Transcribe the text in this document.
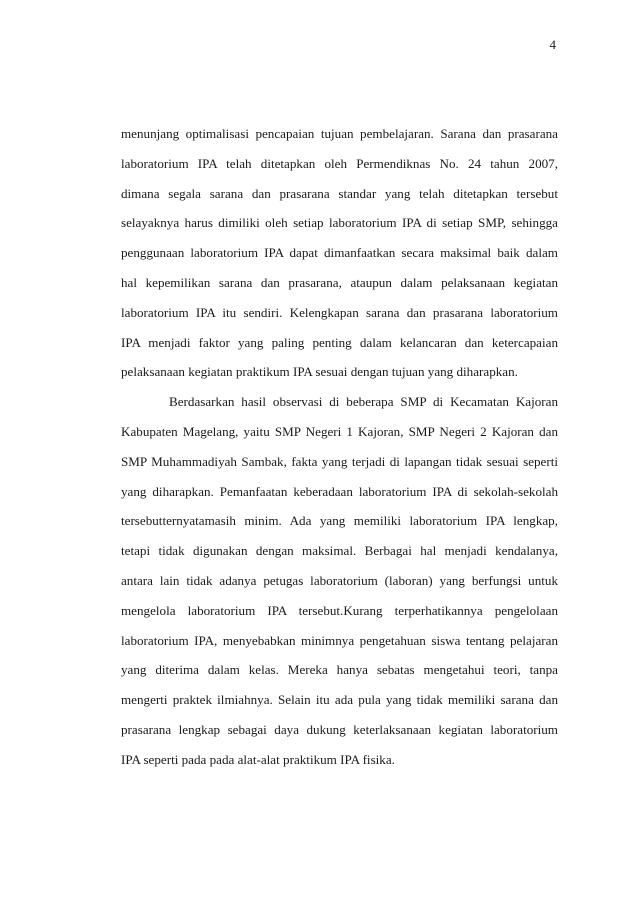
4

menunjang optimalisasi pencapaian tujuan pembelajaran. Sarana dan prasarana
laboratorium IPA telah ditetapkan oleh Permendiknas No. 24 tahun 2007,
dimana segala sarana dan prasarana standar yang telah ditetapkan tersebut
selayaknya harus dimiliki oleh setiap laboratorium IPA di setiap SMP, sehingga
penggunaan laboratorium IPA dapat dimanfaatkan secara maksimal baik dalam
hal kepemilikan sarana dan prasarana, ataupun dalam pelaksanaan kegiatan
laboratorium IPA itu sendiri. Kelengkapan sarana dan prasarana laboratorium
IPA menjadi faktor yang paling penting dalam kelancaran dan ketercapaian
pelaksanaan kegiatan praktikum IPA sesuai dengan tujuan yang diharapkan.

Berdasarkan hasil observasi di beberapa SMP di Kecamatan Kajoran
Kabupaten Magelang, yaitu SMP Negeri 1 Kajoran, SMP Negeri 2 Kajoran dan
SMP Muhammadiyah Sambak, fakta yang terjadi di lapangan tidak sesuai seperti
yang diharapkan. Pemanfaatan keberadaan laboratorium IPA di sekolah-sekolah
tersebutternyatamasih minim. Ada yang memiliki laboratorium IPA lengkap,
tetapi tidak digunakan dengan maksimal. Berbagai hal menjadi kendalanya,
antara lain tidak adanya petugas laboratorium (laboran) yang berfungsi untuk
mengelola laboratorium IPA tersebut.Kurang terperhatikannya pengelolaan
laboratorium IPA, menyebabkan minimnya pengetahuan siswa tentang pelajaran
yang diterima dalam kelas. Mereka hanya sebatas mengetahui teori, tanpa
mengerti praktek ilmiahnya. Selain itu ada pula yang tidak memiliki sarana dan
prasarana lengkap sebagai daya dukung keterlaksanaan kegiatan laboratorium
IPA seperti pada pada alat-alat praktikum IPA fisika.
